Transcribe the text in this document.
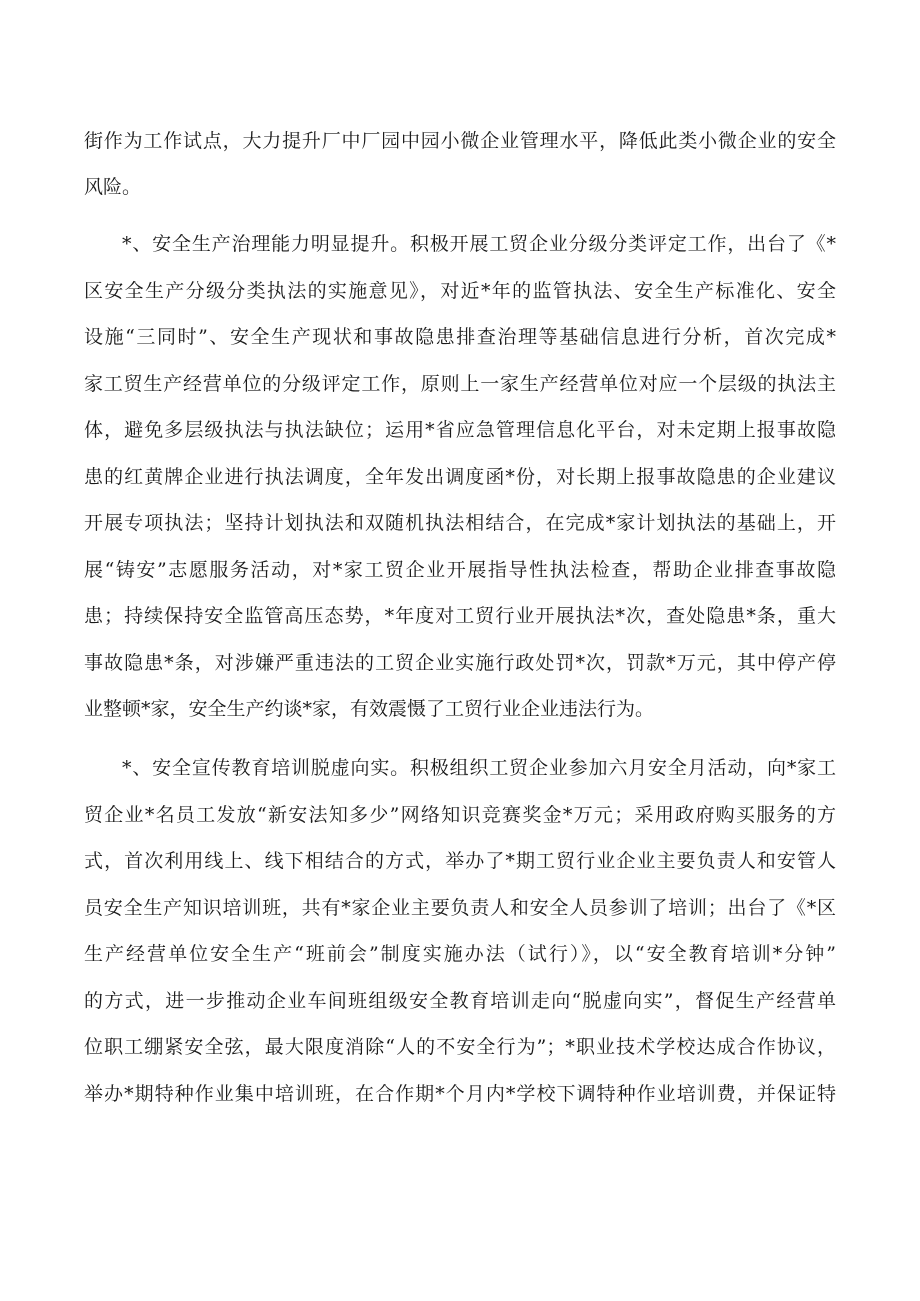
街作为工作试点，大力提升厂中厂园中园小微企业管理水平，降低此类小微企业的安全
风险。
*、安全生产治理能力明显提升。积极开展工贸企业分级分类评定工作，出台了《*
区安全生产分级分类执法的实施意见》，对近*年的监管执法、安全生产标准化、安全
设施“三同时”、安全生产现状和事故隐患排查治理等基础信息进行分析，首次完成*
家工贸生产经营单位的分级评定工作，原则上一家生产经营单位对应一个层级的执法主
体，避免多层级执法与执法缺位；运用*省应急管理信息化平台，对未定期上报事故隐
患的红黄牌企业进行执法调度，全年发出调度函*份，对长期上报事故隐患的企业建议
开展专项执法；坚持计划执法和双随机执法相结合，在完成*家计划执法的基础上，开
展“铸安”志愿服务活动，对*家工贸企业开展指导性执法检查，帮助企业排查事故隐
患；持续保持安全监管高压态势，*年度对工贸行业开展执法*次，查处隐患*条，重大
事故隐患*条，对涉嫌严重违法的工贸企业实施行政处罚*次，罚款*万元，其中停产停
业整顿*家，安全生产约谈*家，有效震慑了工贸行业企业违法行为。
*、安全宣传教育培训脱虚向实。积极组织工贸企业参加六月安全月活动，向*家工
贸企业*名员工发放“新安法知多少”网络知识竞赛奖金*万元；采用政府购买服务的方
式，首次利用线上、线下相结合的方式，举办了*期工贸行业企业主要负责人和安管人
员安全生产知识培训班，共有*家企业主要负责人和安全人员参训了培训；出台了《*区
生产经营单位安全生产“班前会”制度实施办法（试行）》，以“安全教育培训*分钟”
的方式，进一步推动企业车间班组级安全教育培训走向“脱虚向实”，督促生产经营单
位职工绷紧安全弦，最大限度消除“人的不安全行为”；*职业技术学校达成合作协议，
举办*期特种作业集中培训班，在合作期*个月内*学校下调特种作业培训费，并保证特
